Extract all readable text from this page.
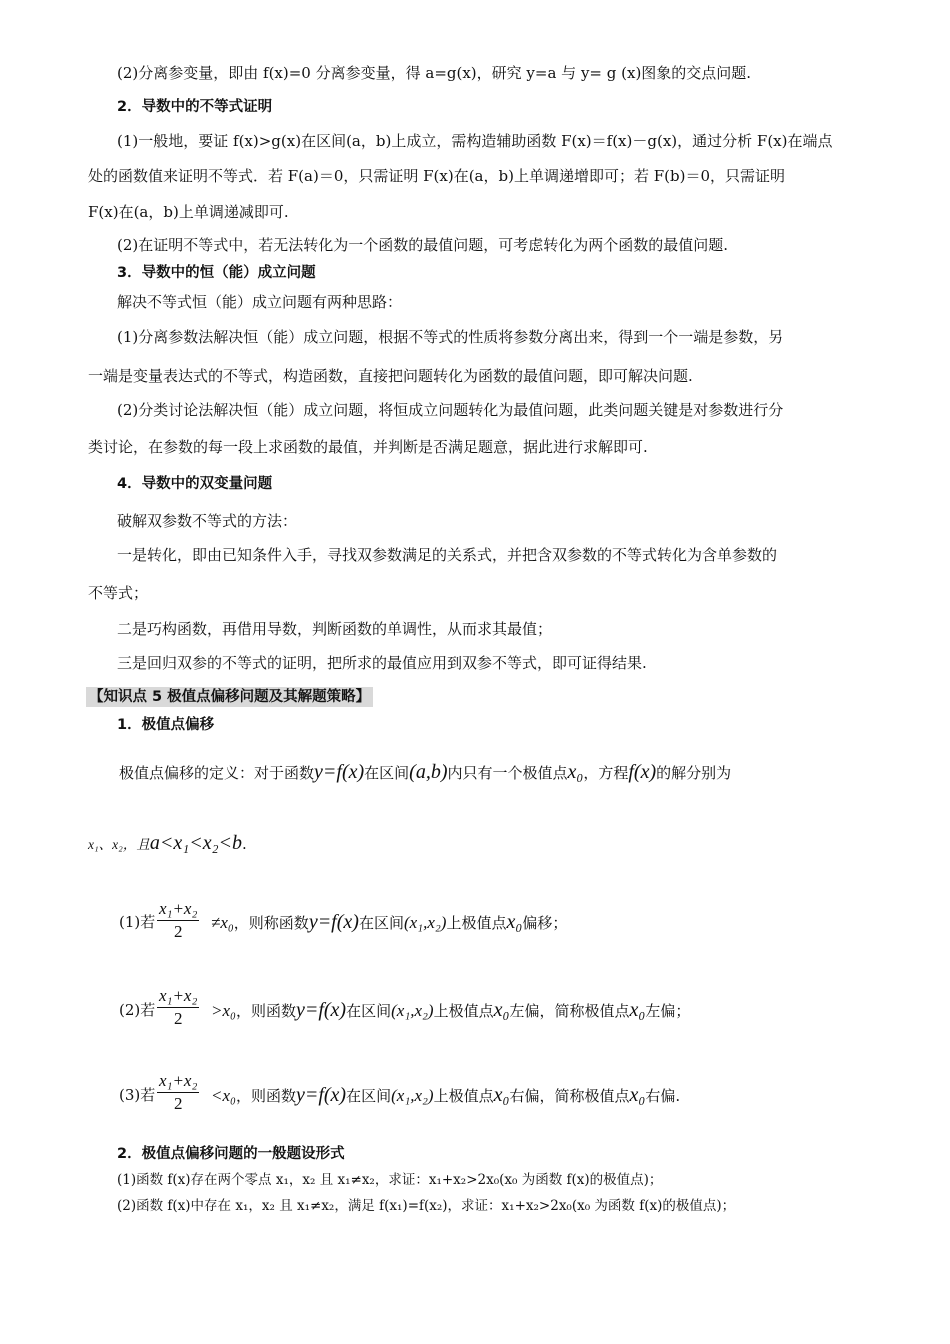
(2)分离参变量，即由 f(x)=0 分离参变量，得 a=g(x)，研究 y=a 与 y= g (x)图象的交点问题.
2．导数中的不等式证明
(1)一般地，要证 f(x)>g(x)在区间(a，b)上成立，需构造辅助函数 F(x)＝f(x)－g(x)，通过分析 F(x)在端点
处的函数值来证明不等式．若 F(a)＝0，只需证明 F(x)在(a，b)上单调递增即可；若 F(b)＝0，只需证明
F(x)在(a，b)上单调递减即可.
(2)在证明不等式中，若无法转化为一个函数的最值问题，可考虑转化为两个函数的最值问题.
3．导数中的恒（能）成立问题
解决不等式恒（能）成立问题有两种思路：
(1)分离参数法解决恒（能）成立问题，根据不等式的性质将参数分离出来，得到一个一端是参数，另
一端是变量表达式的不等式，构造函数，直接把问题转化为函数的最值问题，即可解决问题.
(2)分类讨论法解决恒（能）成立问题，将恒成立问题转化为最值问题，此类问题关键是对参数进行分
类讨论，在参数的每一段上求函数的最值，并判断是否满足题意，据此进行求解即可.
4．导数中的双变量问题
破解双参数不等式的方法：
一是转化，即由已知条件入手，寻找双参数满足的关系式，并把含双参数的不等式转化为含单参数的
不等式；
二是巧构函数，再借用导数，判断函数的单调性，从而求其最值；
三是回归双参的不等式的证明，把所求的最值应用到双参不等式，即可证得结果.
【知识点 5 极值点偏移问题及其解题策略】
1．极值点偏移
极值点偏移的定义：对于函数y=f(x)在区间(a,b)内只有一个极值点x₀，方程f(x)的解分别为
x₁、x₂，且a<x₁<x₂<b.
(1)若 $\frac{\text{x₁+x₂}}{2} \ne x_0$，则称函数y=f(x)在区间(x₁,x₂)上极值点x₀偏移；
(2)若 $\frac{\text{x₁+x₂}}{2} >x_0$，则函数y=f(x)在区间(x₁,x₂)上极值点x₀左偏，简称极值点x₀左偏；
(3)若 $\frac{\text{x₁+x₂}}{2} <x_0$，则函数y=f(x)在区间(x₁,x₂)上极值点x₀右偏，简称极值点x₀右偏.
2．极值点偏移问题的一般题设形式
(1)函数 f(x)存在两个零点 x₁，x₂ 且 x₁≠x₂，求证：x₁+x₂>2x₀(x₀ 为函数 f(x)的极值点)；
(2)函数 f(x)中存在 x₁，x₂ 且 x₁≠x₂，满足 f(x₁)=f(x₂)，求证：x₁+x₂>2x₀(x₀ 为函数 f(x)的极值点)；
